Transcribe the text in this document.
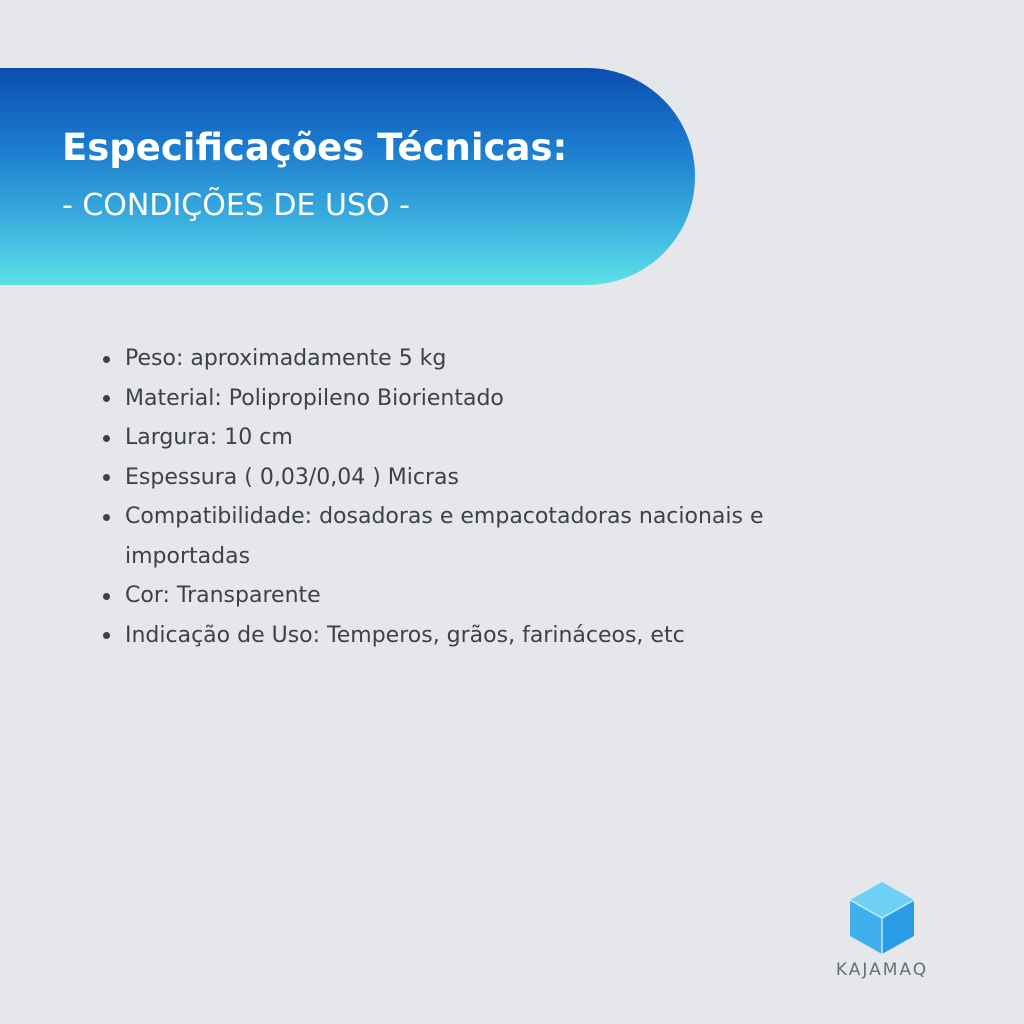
Especificações Técnicas:
- CONDIÇÕES DE USO -
Peso: aproximadamente 5 kg
Material: Polipropileno Biorientado
Largura: 10 cm
Espessura ( 0,03/0,04 ) Micras
Compatibilidade: dosadoras e empacotadoras nacionais e importadas
Cor: Transparente
Indicação de Uso: Temperos, grãos, farináceos, etc
KAJAMAQ
